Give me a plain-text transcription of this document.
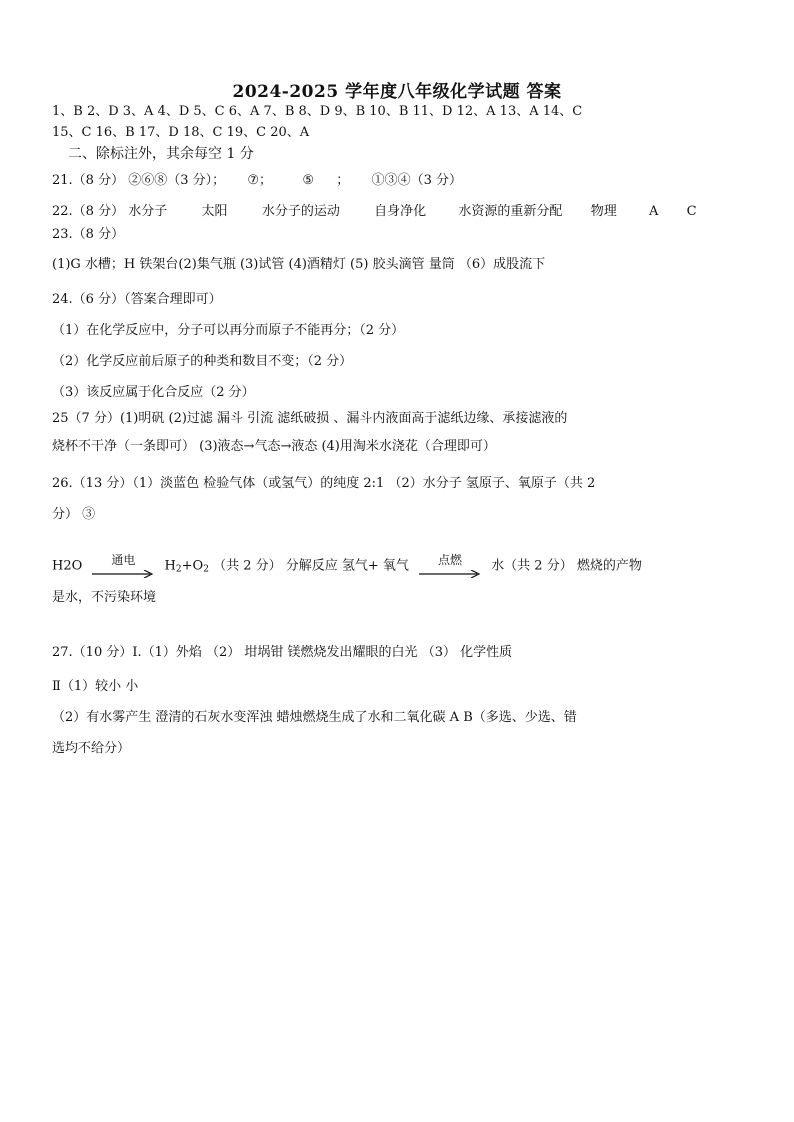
2024-2025 学年度八年级化学试题 答案
1、B 2、D 3、A 4、D 5、C 6、A 7、B 8、D 9、B 10、B 11、D 12、A 13、A 14、C
15、C 16、B 17、D 18、C 19、C 20、A
二、除标注外，其余每空 1 分
21.（8 分） ②⑥⑧（3 分）； ⑦； ⑤ ； ①③④（3 分）
22.（8 分） 水分子	太阳	水分子的运动	自身净化 水资源的重新分配 物理 A C
23.（8 分）
(1)G 水槽；H 铁架台(2)集气瓶 (3)试管 (4)酒精灯 (5) 胶头滴管 量筒 （6）成股流下
24.（6 分）（答案合理即可）
（1）在化学反应中，分子可以再分而原子不能再分；（2 分）
（2）化学反应前后原子的种类和数目不变；（2 分）
（3）该反应属于化合反应（2 分）
25（7 分）(1)明矾 (2)过滤 漏斗 引流 滤纸破损 、漏斗内液面高于滤纸边缘、承接滤液的
烧杯不干净（一条即可） (3)液态→气态→液态 (4)用淘米水浇花（合理即可）
26.（13 分）（1）淡蓝色 检验气体（或氢气）的纯度 2:1 （2）水分子 氢原子、氧原子（共 2
分） ③
H2O	通电	$H_2+O_2$ （共 2 分） 分解反应 氢气+ 氧气	点燃	水（共 2 分） 燃烧的产物
是水，不污染环境
27.（10 分）I.（1）外焰 （2） 坩埚钳 镁燃烧发出耀眼的白光 （3） 化学性质
Ⅱ（1）较小 小
（2）有水雾产生 澄清的石灰水变浑浊 蜡烛燃烧生成了水和二氧化碳 A B（多选、少选、错
选均不给分）
